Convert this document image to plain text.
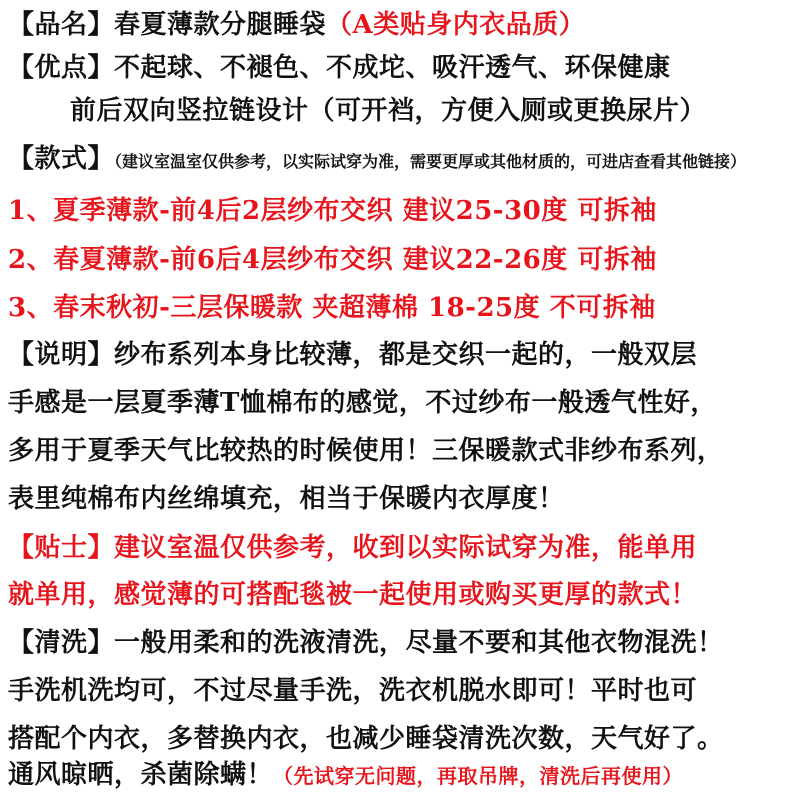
【品名】春夏薄款分腿睡袋（A类贴身内衣品质）
【优点】不起球、不褪色、不成坨、吸汗透气、环保健康
前后双向竖拉链设计（可开裆，方便入厕或更换尿片）
【款式】（建议室温室仅供参考，以实际试穿为准，需要更厚或其他材质的，可进店查看其他链接）
1、夏季薄款-前4后2层纱布交织 建议25-30度 可拆袖
2、春夏薄款-前6后4层纱布交织 建议22-26度 可拆袖
3、春末秋初-三层保暖款 夹超薄棉 18-25度 不可拆袖
【说明】纱布系列本身比较薄，都是交织一起的，一般双层
手感是一层夏季薄T恤棉布的感觉，不过纱布一般透气性好，
多用于夏季天气比较热的时候使用！三保暖款式非纱布系列，
表里纯棉布内丝绵填充，相当于保暖内衣厚度！
【贴士】建议室温仅供参考，收到以实际试穿为准，能单用
就单用，感觉薄的可搭配毯被一起使用或购买更厚的款式！
【清洗】一般用柔和的洗液清洗，尽量不要和其他衣物混洗！
手洗机洗均可，不过尽量手洗，洗衣机脱水即可！平时也可
搭配个内衣，多替换内衣，也减少睡袋清洗次数，天气好了。
通风晾晒，杀菌除螨！（先试穿无问题，再取吊牌，清洗后再使用）
